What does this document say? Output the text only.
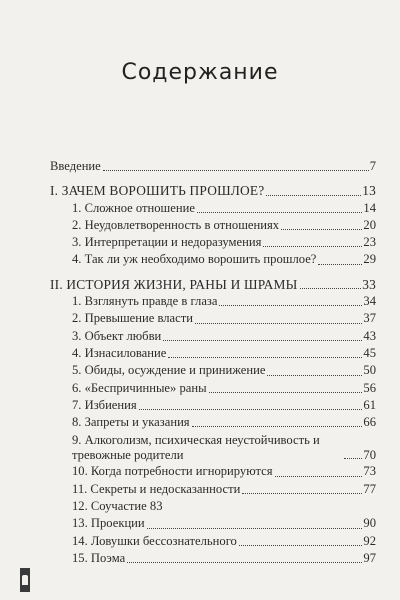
Содержание
Введение	7
I. ЗАЧЕМ ВОРОШИТЬ ПРОШЛОЕ?	13
1. Сложное отношение	14
2. Неудовлетворенность в отношениях	20
3. Интерпретации и недоразумения	23
4. Так ли уж необходимо ворошить прошлое?	29
II. ИСТОРИЯ ЖИЗНИ, РАНЫ И ШРАМЫ	33
1. Взглянуть правде в глаза	34
2. Превышение власти	37
3. Объект любви	43
4. Изнасилование	45
5. Обиды, осуждение и принижение	50
6. «Беспричинные» раны	56
7. Избиения	61
8. Запреты и указания	66
9. Алкоголизм, психическая неустойчивость и тревожные родители	70
10. Когда потребности игнорируются	73
11. Секреты и недосказанности	77
12. Соучастие 83
13. Проекции	90
14. Ловушки бессознательного	92
15. Поэма	97
